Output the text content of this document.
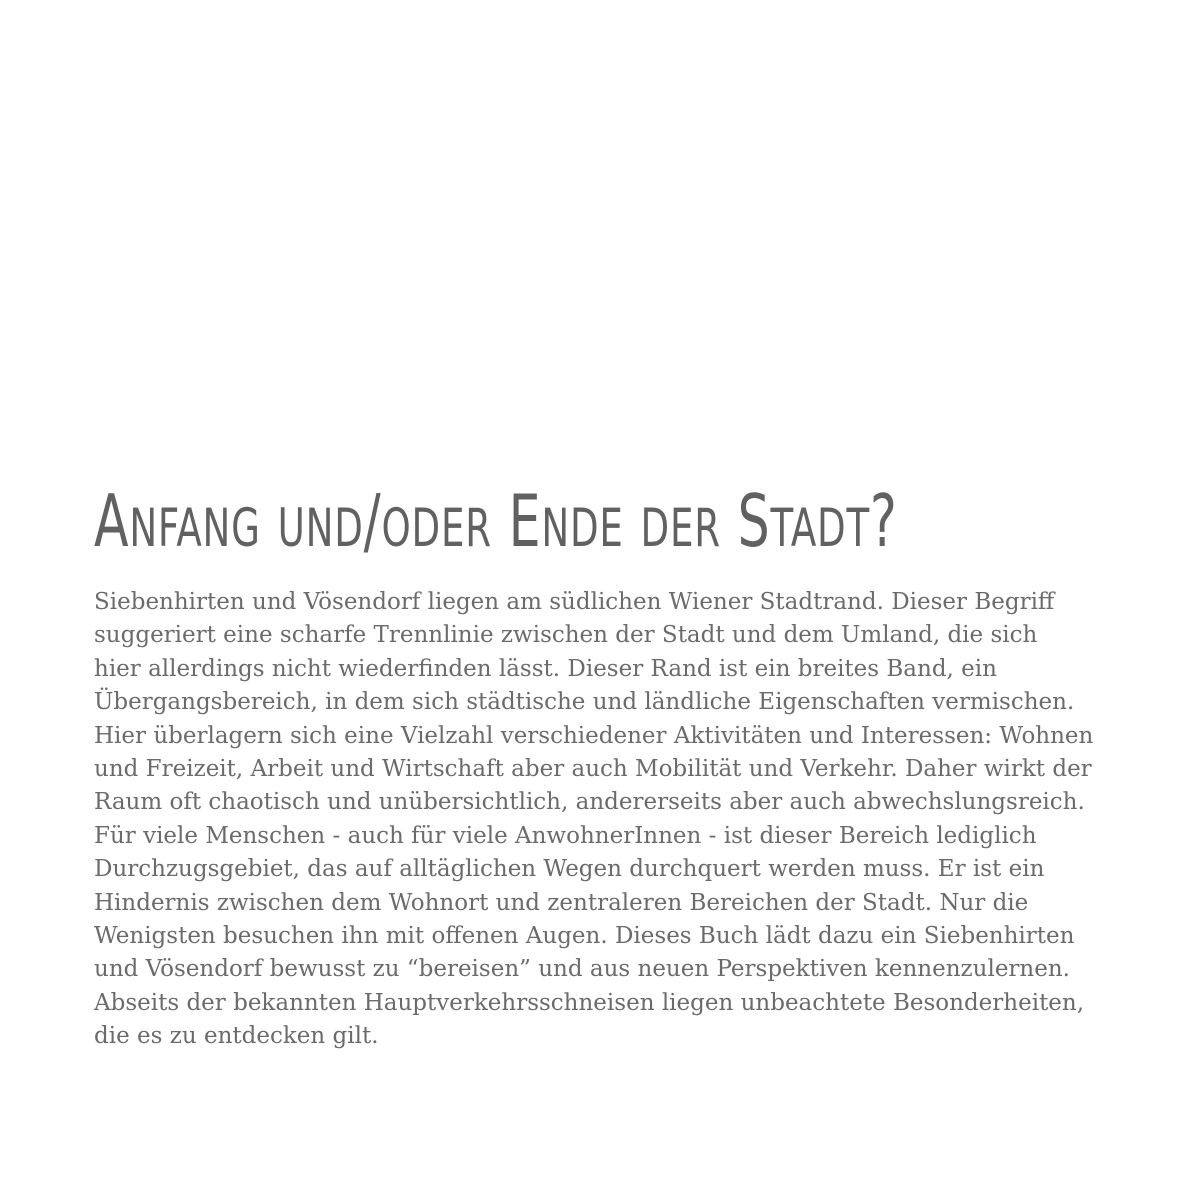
ANFANG UND/ODER ENDE DER STADT?
Siebenhirten und Vösendorf liegen am südlichen Wiener Stadtrand. Dieser Begriff
suggeriert eine scharfe Trennlinie zwischen der Stadt und dem Umland, die sich
hier allerdings nicht wiederfinden lässt. Dieser Rand ist ein breites Band, ein
Übergangsbereich, in dem sich städtische und ländliche Eigenschaften vermischen.
Hier überlagern sich eine Vielzahl verschiedener Aktivitäten und Interessen: Wohnen
und Freizeit, Arbeit und Wirtschaft aber auch Mobilität und Verkehr. Daher wirkt der
Raum oft chaotisch und unübersichtlich, andererseits aber auch abwechslungsreich.
Für viele Menschen - auch für viele AnwohnerInnen - ist dieser Bereich lediglich
Durchzugsgebiet, das auf alltäglichen Wegen durchquert werden muss. Er ist ein
Hindernis zwischen dem Wohnort und zentraleren Bereichen der Stadt. Nur die
Wenigsten besuchen ihn mit offenen Augen. Dieses Buch lädt dazu ein Siebenhirten
und Vösendorf bewusst zu “bereisen” und aus neuen Perspektiven kennenzulernen.
Abseits der bekannten Hauptverkehrsschneisen liegen unbeachtete Besonderheiten,
die es zu entdecken gilt.
